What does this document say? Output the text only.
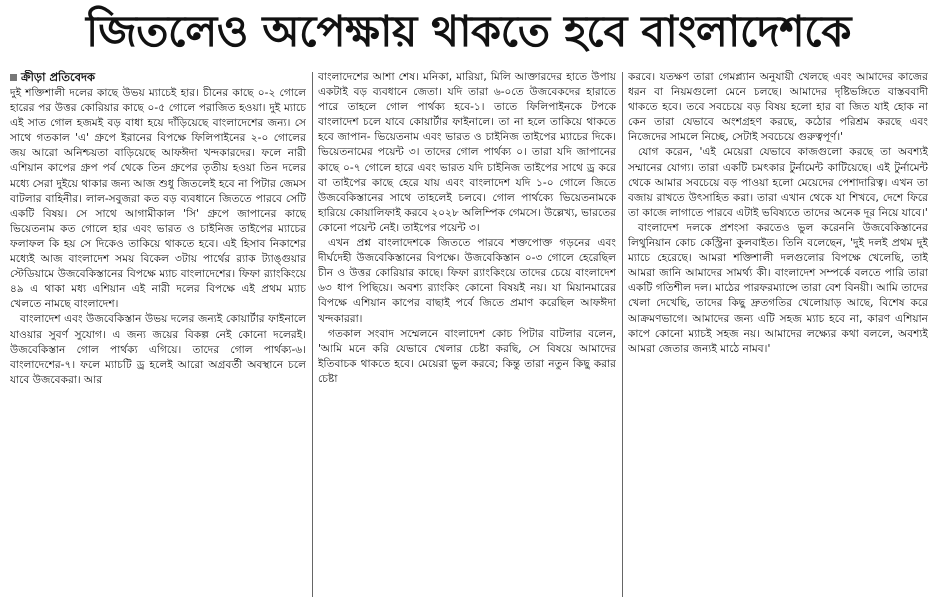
জিতলেও অপেক্ষায় থাকতে হবে বাংলাদেশকে
ক্রীড়া প্রতিবেদক

দুই শক্তিশালী দলের কাছে উভয় ম্যাচেই হার। চীনের কাছে ০-২ গোলে হারের পর উত্তর কোরিয়ার কাছে ০-৫ গোলে পরাজিত হওয়া। দুই ম্যাচে এই সাত গোল হজমই বড় বাধা হয়ে দাঁড়িয়েছে বাংলাদেশের জন্য। সে সাথে গতকাল 'এ' গ্রুপে ইরানের বিপক্ষে ফিলিপাইনের ২-০ গোলের জয় আরো অনিশ্চয়তা বাড়িয়েছে আফঈদা খন্দকারদের। ফলে নারী এশিয়ান কাপের গ্রুপ পর্ব থেকে তিন গ্রুপের তৃতীয় হওয়া তিন দলের মধ্যে সেরা দুইয়ে থাকার জন্য আজ শুধু জিতলেই হবে না পিটার জেমস বাটলার বাহিনীর। লাল-সবুজরা কত বড় ব্যবধানে জিততে পারবে সেটি একটি বিষয়। সে সাথে আগামীকাল 'সি' গ্রুপে জাপানের কাছে ভিয়েতনাম কত গোলে হার এবং ভারত ও চাইনিজ তাইপের ম্যাচের ফলাফল কি হয় সে দিকেও তাকিয়ে থাকতে হবে। এই হিসাব নিকাশের মধ্যেই আজ বাংলাদেশ সময় বিকেল ৩টায় পার্থের র‍্যাক ট্যাঙ্গুয়ার স্টেডিয়ামে উজবেকিস্তানের বিপক্ষে ম্যাচ বাংলাদেশের। ফিফা র‍্যাংকিংয়ে ৪৯ এ থাকা মধ্য এশিয়ান এই নারী দলের বিপক্ষে এই প্রথম ম্যাচ খেলতে নামছে বাংলাদেশ।

বাংলাদেশ এবং উজবেকিস্তান উভয় দলের জন্যই কোয়ার্টার ফাইনালে যাওয়ার সুবর্ণ সুযোগ। এ জন্য জয়ের বিকল্প নেই কোনো দলেরই। উজবেকিস্তান গোল পার্থক্য এগিয়ে। তাদের গোল পার্থক্য-৬। বাংলাদেশের-৭। ফলে ম্যাচটি ড্র হলেই আরো অগ্রবর্তী অবস্থানে চলে যাবে উজবেকরা। আর

বাংলাদেশের আশা শেষ। মনিকা, মারিয়া, মিলি আক্তারদের হাতে উপায় একটাই বড় ব্যবধানে জেতা। যদি তারা ৬-০তে উজবেকদের হারাতে পারে তাহলে গোল পার্থক্য হবে-১। তাতে ফিলিপাইনকে টপকে বাংলাদেশ চলে যাবে কোয়ার্টার ফাইনালে। তা না হলে তাকিয়ে থাকতে হবে জাপান- ভিয়েতনাম এবং ভারত ও চাইনিজ তাইপের ম্যাচের দিকে। ভিয়েতনামের পয়েন্ট ৩। তাদের গোল পার্থক্য ০। তারা যদি জাপানের কাছে ০-৭ গোলে হারে এবং ভারত যদি চাইনিজ তাইপের সাথে ড্র করে বা তাইপের কাছে হেরে যায় এবং বাংলাদেশ যদি ১-০ গোলে জিতে উজবেকিস্তানের সাথে তাহলেই চলবে। গোল পার্থক্যে ভিয়েতনামকে হারিয়ে কোয়ালিফাই করবে ২০২৮ অলিম্পিক গেমসে। উল্লেখ্য, ভারতের কোনো পয়েন্ট নেই। তাইপের পয়েন্ট ৩।

এখন প্রশ্ন বাংলাদেশকে জিততে পারবে শক্তপোক্ত গড়নের এবং দীর্ঘদেহী উজবেকিস্তানের বিপক্ষে। উজবেকিস্তান ০-৩ গোলে হেরেছিল চীন ও উত্তর কোরিয়ার কাছে। ফিফা র‍্যাংকিংয়ে তাদের চেয়ে বাংলাদেশ ৬৩ ধাপ পিছিয়ে। অবশ্য র‍্যাংকিং কোনো বিষয়ই নয়। যা মিয়ানমারের বিপক্ষে এশিয়ান কাপের বাছাই পর্বে জিতে প্রমাণ করেছিল আফঈদা খন্দকাররা।

গতকাল সংবাদ সম্মেলনে বাংলাদেশ কোচ পিটার বাটলার বলেন, 'আমি মনে করি যেভাবে খেলার চেষ্টা করছি, সে বিষয়ে আমাদের ইতিবাচক থাকতে হবে। মেয়েরা ভুল করবে; কিন্তু তারা নতুন কিছু করার চেষ্টা

করবে। যতক্ষণ তারা গেমপ্ল্যান অনুযায়ী খেলছে এবং আমাদের কাজের ধরন বা নিয়মগুলো মেনে চলছে। আমাদের দৃষ্টিভঙ্গিতে বাস্তববাদী থাকতে হবে। তবে সবচেয়ে বড় বিষয় হলো হার বা জিত যাই হোক না কেন তারা যেভাবে অংশগ্রহণ করছে, কঠোর পরিশ্রম করছে এবং নিজেদের সামলে নিচ্ছে, সেটাই সবচেয়ে গুরুত্বপূর্ণ।'

যোগ করেন, 'এই মেয়েরা যেভাবে কাজগুলো করছে তা অবশ্যই সম্মানের যোগ্য। তারা একটি চমৎকার টুর্নামেন্ট কাটিয়েছে। এই টুর্নামেন্ট থেকে আমার সবচেয়ে বড় পাওয়া হলো মেয়েদের পেশাদারিত্ব। এখন তা বজায় রাখতে উৎসাহিত করা। তারা এখান থেকে যা শিখবে, দেশে ফিরে তা কাজে লাগাতে পারবে এটাই ভবিষ্যতে তাদের অনেক দূর নিয়ে যাবে।'

বাংলাদেশ দলকে প্রশংসা করতেও ভুল করেননি উজবেকিস্তানের লিথুনিয়ান কোচ কেস্ট্রিনা কুলবাইত। তিনি বলেছেন, 'দুই দলই প্রথম দুই ম্যাচে হেরেছে। আমরা শক্তিশালী দলগুলোর বিপক্ষে খেলেছি, তাই আমরা জানি আমাদের সামর্থ্য কী। বাংলাদেশ সম্পর্কে বলতে পারি তারা একটি গতিশীল দল। মাঠের পারফরম্যান্সে তারা বেশ বিনয়ী। আমি তাদের খেলা দেখেছি, তাদের কিছু দ্রুতগতির খেলোয়াড় আছে, বিশেষ করে আক্রমণভাগে। আমাদের জন্য এটি সহজ ম্যাচ হবে না, কারণ এশিয়ান কাপে কোনো ম্যাচই সহজ নয়। আমাদের লক্ষ্যের কথা বললে, অবশ্যই আমরা জেতার জন্যই মাঠে নামব।'
